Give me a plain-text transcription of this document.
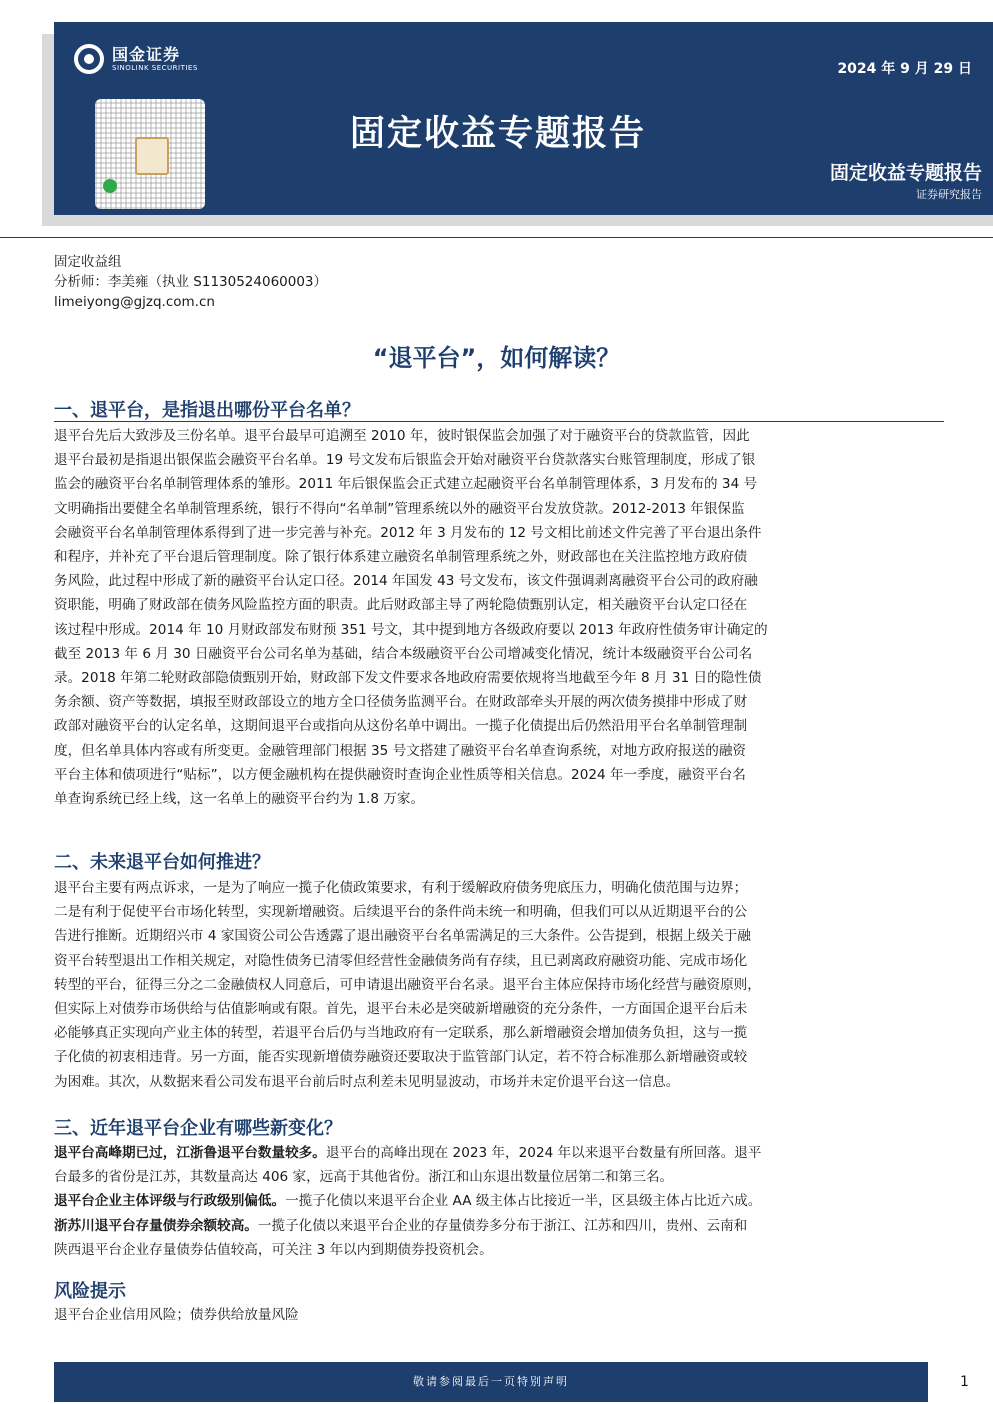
国金证券
SINOLINK SECURITIES	2024 年 9 月 29 日
固定收益专题报告
固定收益专题报告
证券研究报告
固定收益组
分析师：李美雍（执业 S1130524060003）
limeiyong@gjzq.com.cn
“退平台”，如何解读？
一、退平台，是指退出哪份平台名单？
退平台先后大致涉及三份名单。退平台最早可追溯至 2010 年，彼时银保监会加强了对于融资平台的贷款监管，因此
退平台最初是指退出银保监会融资平台名单。19 号文发布后银监会开始对融资平台贷款落实台账管理制度，形成了银
监会的融资平台名单制管理体系的雏形。2011 年后银保监会正式建立起融资平台名单制管理体系，3 月发布的 34 号
文明确指出要健全名单制管理系统，银行不得向“名单制”管理系统以外的融资平台发放贷款。2012-2013 年银保监
会融资平台名单制管理体系得到了进一步完善与补充。2012 年 3 月发布的 12 号文相比前述文件完善了平台退出条件
和程序，并补充了平台退后管理制度。除了银行体系建立融资名单制管理系统之外，财政部也在关注监控地方政府债
务风险，此过程中形成了新的融资平台认定口径。2014 年国发 43 号文发布，该文件强调剥离融资平台公司的政府融
资职能，明确了财政部在债务风险监控方面的职责。此后财政部主导了两轮隐债甄别认定，相关融资平台认定口径在
该过程中形成。2014 年 10 月财政部发布财预 351 号文，其中提到地方各级政府要以 2013 年政府性债务审计确定的
截至 2013 年 6 月 30 日融资平台公司名单为基础，结合本级融资平台公司增减变化情况，统计本级融资平台公司名
录。2018 年第二轮财政部隐债甄别开始，财政部下发文件要求各地政府需要依规将当地截至今年 8 月 31 日的隐性债
务余额、资产等数据，填报至财政部设立的地方全口径债务监测平台。在财政部牵头开展的两次债务摸排中形成了财
政部对融资平台的认定名单，这期间退平台或指向从这份名单中调出。一揽子化债提出后仍然沿用平台名单制管理制
度，但名单具体内容或有所变更。金融管理部门根据 35 号文搭建了融资平台名单查询系统，对地方政府报送的融资
平台主体和债项进行“贴标”，以方便金融机构在提供融资时查询企业性质等相关信息。2024 年一季度，融资平台名
单查询系统已经上线，这一名单上的融资平台约为 1.8 万家。
二、未来退平台如何推进？
退平台主要有两点诉求，一是为了响应一揽子化债政策要求，有利于缓解政府债务兜底压力，明确化债范围与边界；
二是有利于促使平台市场化转型，实现新增融资。后续退平台的条件尚未统一和明确，但我们可以从近期退平台的公
告进行推断。近期绍兴市 4 家国资公司公告透露了退出融资平台名单需满足的三大条件。公告提到，根据上级关于融
资平台转型退出工作相关规定，对隐性债务已清零但经营性金融债务尚有存续，且已剥离政府融资功能、完成市场化
转型的平台，征得三分之二金融债权人同意后，可申请退出融资平台名录。退平台主体应保持市场化经营与融资原则，
但实际上对债券市场供给与估值影响或有限。首先，退平台未必是突破新增融资的充分条件，一方面国企退平台后未
必能够真正实现向产业主体的转型，若退平台后仍与当地政府有一定联系，那么新增融资会增加债务负担，这与一揽
子化债的初衷相违背。另一方面，能否实现新增债券融资还要取决于监管部门认定，若不符合标准那么新增融资或较
为困难。其次，从数据来看公司发布退平台前后时点利差未见明显波动，市场并未定价退平台这一信息。
三、近年退平台企业有哪些新变化？
退平台高峰期已过，江浙鲁退平台数量较多。退平台的高峰出现在 2023 年，2024 年以来退平台数量有所回落。退平
台最多的省份是江苏，其数量高达 406 家，远高于其他省份。浙江和山东退出数量位居第二和第三名。
退平台企业主体评级与行政级别偏低。一揽子化债以来退平台企业 AA 级主体占比接近一半，区县级主体占比近六成。
浙苏川退平台存量债券余额较高。一揽子化债以来退平台企业的存量债券多分布于浙江、江苏和四川，贵州、云南和
陕西退平台企业存量债券估值较高，可关注 3 年以内到期债券投资机会。
风险提示
退平台企业信用风险；债券供给放量风险
敬请参阅最后一页特别声明	1
